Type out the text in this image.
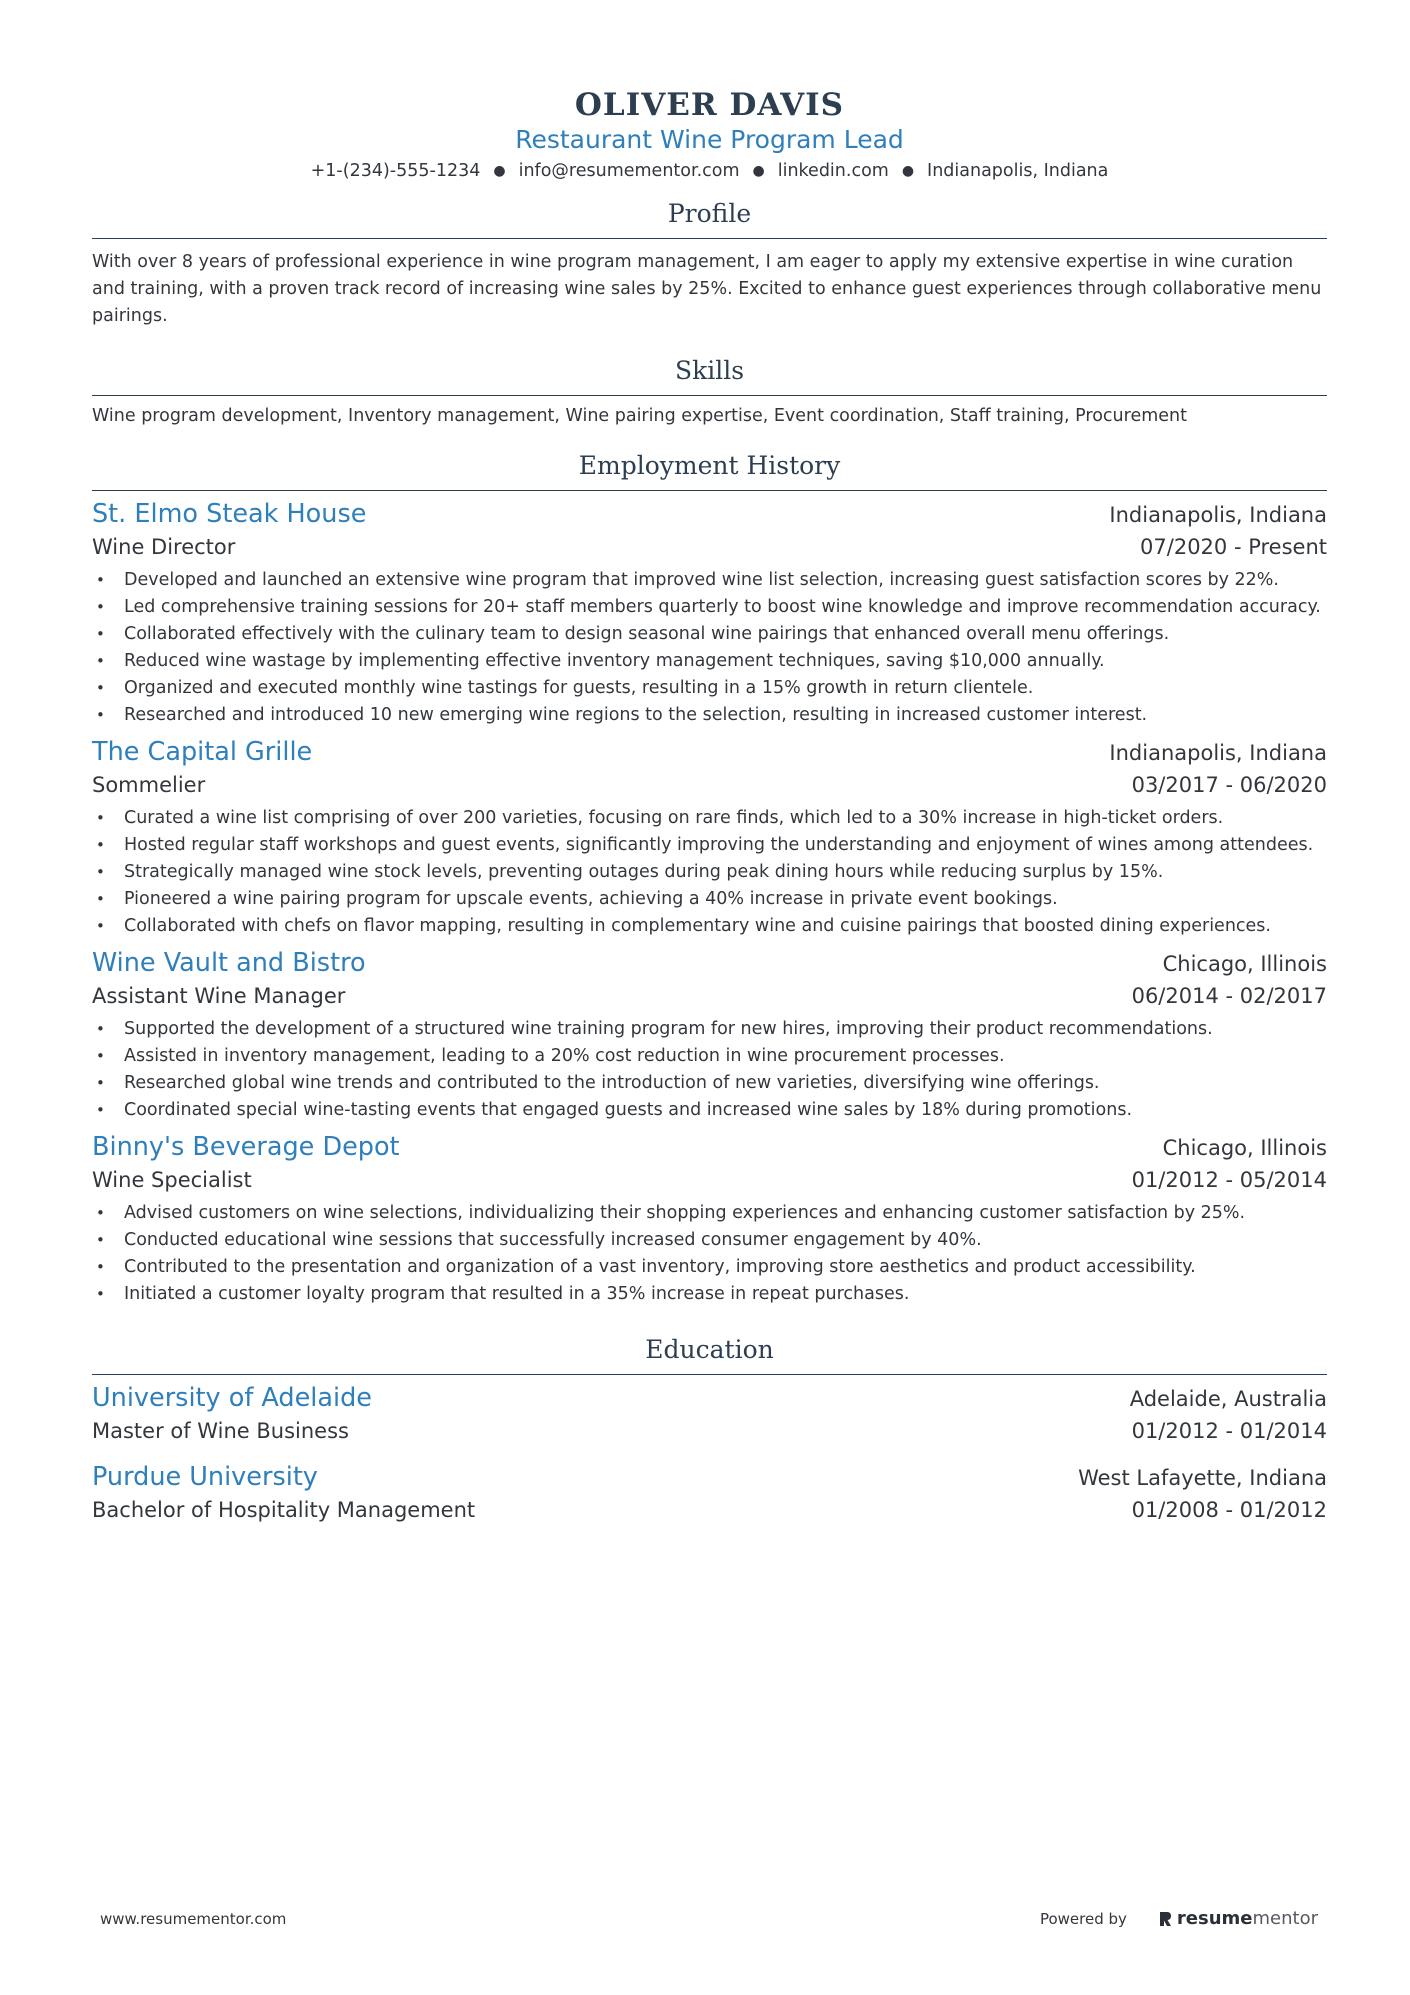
OLIVER DAVIS
Restaurant Wine Program Lead
+1-(234)-555-1234 ● info@resumementor.com ● linkedin.com ● Indianapolis, Indiana
Profile
With over 8 years of professional experience in wine program management, I am eager to apply my extensive expertise in wine curation and training, with a proven track record of increasing wine sales by 25%. Excited to enhance guest experiences through collaborative menu pairings.
Skills
Wine program development, Inventory management, Wine pairing expertise, Event coordination, Staff training, Procurement
Employment History
St. Elmo Steak House	Indianapolis, Indiana
Wine Director	07/2020 - Present
• Developed and launched an extensive wine program that improved wine list selection, increasing guest satisfaction scores by 22%.
• Led comprehensive training sessions for 20+ staff members quarterly to boost wine knowledge and improve recommendation accuracy.
• Collaborated effectively with the culinary team to design seasonal wine pairings that enhanced overall menu offerings.
• Reduced wine wastage by implementing effective inventory management techniques, saving $10,000 annually.
• Organized and executed monthly wine tastings for guests, resulting in a 15% growth in return clientele.
• Researched and introduced 10 new emerging wine regions to the selection, resulting in increased customer interest.
The Capital Grille	Indianapolis, Indiana
Sommelier	03/2017 - 06/2020
• Curated a wine list comprising of over 200 varieties, focusing on rare finds, which led to a 30% increase in high-ticket orders.
• Hosted regular staff workshops and guest events, significantly improving the understanding and enjoyment of wines among attendees.
• Strategically managed wine stock levels, preventing outages during peak dining hours while reducing surplus by 15%.
• Pioneered a wine pairing program for upscale events, achieving a 40% increase in private event bookings.
• Collaborated with chefs on flavor mapping, resulting in complementary wine and cuisine pairings that boosted dining experiences.
Wine Vault and Bistro	Chicago, Illinois
Assistant Wine Manager	06/2014 - 02/2017
• Supported the development of a structured wine training program for new hires, improving their product recommendations.
• Assisted in inventory management, leading to a 20% cost reduction in wine procurement processes.
• Researched global wine trends and contributed to the introduction of new varieties, diversifying wine offerings.
• Coordinated special wine-tasting events that engaged guests and increased wine sales by 18% during promotions.
Binny's Beverage Depot	Chicago, Illinois
Wine Specialist	01/2012 - 05/2014
• Advised customers on wine selections, individualizing their shopping experiences and enhancing customer satisfaction by 25%.
• Conducted educational wine sessions that successfully increased consumer engagement by 40%.
• Contributed to the presentation and organization of a vast inventory, improving store aesthetics and product accessibility.
• Initiated a customer loyalty program that resulted in a 35% increase in repeat purchases.
Education
University of Adelaide	Adelaide, Australia
Master of Wine Business	01/2012 - 01/2014
Purdue University	West Lafayette, Indiana
Bachelor of Hospitality Management	01/2008 - 01/2012
www.resumementor.com	Powered by	resume mentor
